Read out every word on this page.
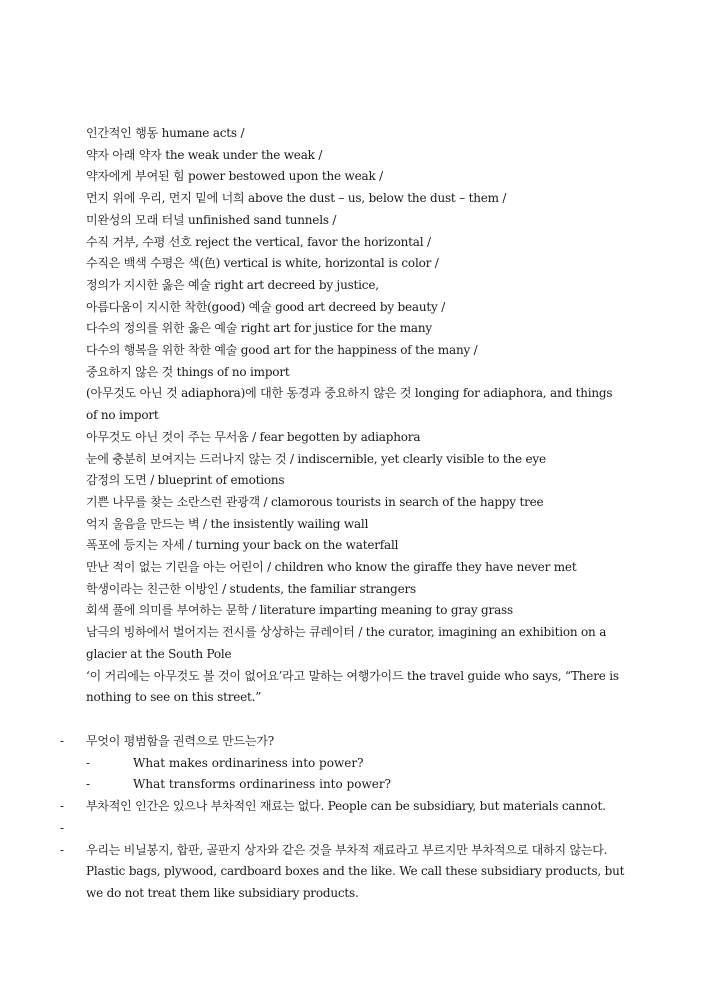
인간적인 행동 humane acts /
약자 아래 약자 the weak under the weak /
약자에게 부여된 힘 power bestowed upon the weak /
먼지 위에 우리, 먼지 밑에 너희 above the dust – us, below the dust – them /
미완성의 모래 터널 unfinished sand tunnels /
수직 거부, 수평 선호 reject the vertical, favor the horizontal /
수직은 백색 수평은 색(色) vertical is white, horizontal is color /
정의가 지시한 옳은 예술 right art decreed by justice,
아름다움이 지시한 착한(good) 예술 good art decreed by beauty /
다수의 정의를 위한 옳은 예술 right art for justice for the many
다수의 행복을 위한 착한 예술 good art for the happiness of the many /
중요하지 않은 것 things of no import
(아무것도 아닌 것 adiaphora)에 대한 동경과 중요하지 않은 것 longing for adiaphora, and things of no import
아무것도 아닌 것이 주는 무서움 / fear begotten by adiaphora
눈에 충분히 보여지는 드러나지 않는 것 / indiscernible, yet clearly visible to the eye
감정의 도면 / blueprint of emotions
기쁜 나무를 찾는 소란스런 관광객 / clamorous tourists in search of the happy tree
억지 울음을 만드는 벽 / the insistently wailing wall
폭포에 등지는 자세 / turning your back on the waterfall
만난 적이 없는 기린을 아는 어린이 / children who know the giraffe they have never met
학생이라는 친근한 이방인 / students, the familiar strangers
회색 풀에 의미를 부여하는 문학 / literature imparting meaning to gray grass
남극의 빙하에서 벌어지는 전시를 상상하는 큐레이터 / the curator, imagining an exhibition on a glacier at the South Pole
‘이 거리에는 아무것도 볼 것이 없어요’라고 말하는 여행가이드 the travel guide who says, “There is nothing to see on this street.”
- 무엇이 평범함을 권력으로 만드는가?
-	What makes ordinariness into power?
-	What transforms ordinariness into power?
- 부차적인 인간은 있으나 부차적인 재료는 없다. People can be subsidiary, but materials cannot.
-
- 우리는 비닐봉지, 합판, 골판지 상자와 같은 것을 부차적 재료라고 부르지만 부차적으로 대하지 않는다. Plastic bags, plywood, cardboard boxes and the like. We call these subsidiary products, but we do not treat them like subsidiary products.
